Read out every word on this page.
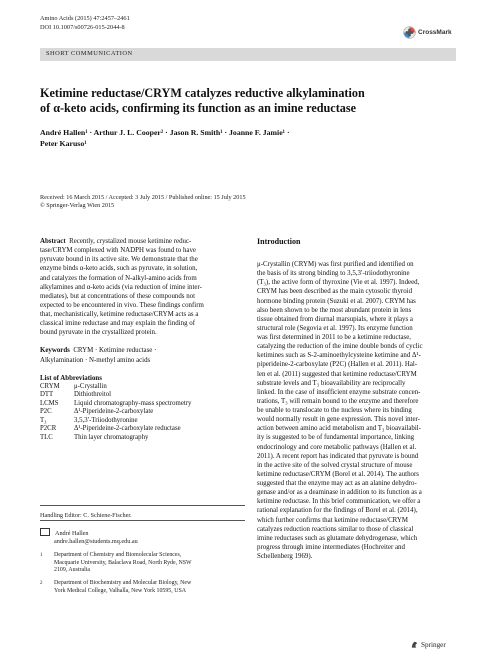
Amino Acids (2015) 47:2457–2461
DOI 10.1007/s00726-015-2044-8
CrossMark
SHORT COMMUNICATION
Ketimine reductase/CRYM catalyzes reductive alkylamination
of α-keto acids, confirming its function as an imine reductase
André Hallen¹ · Arthur J. L. Cooper² · Jason R. Smith¹ · Joanne F. Jamie¹ ·
Peter Karuso¹
Received: 16 March 2015 / Accepted: 3 July 2015 / Published online: 15 July 2015
© Springer-Verlag Wien 2015
Abstract Recently, crystalized mouse ketimine reduc-
tase/CRYM complexed with NADPH was found to have
pyruvate bound in its active site. We demonstrate that the
enzyme binds α-keto acids, such as pyruvate, in solution,
and catalyzes the formation of N-alkyl-amino acids from
alkylamines and α-keto acids (via reduction of imine inter-
mediates), but at concentrations of these compounds not
expected to be encountered in vivo. These findings confirm
that, mechanistically, ketimine reductase/CRYM acts as a
classical imine reductase and may explain the finding of
bound pyruvate in the crystallized protein.
Keywords CRYM · Ketimine reductase ·
Alkylamination · N-methyl amino acids
List of Abbreviations
CRYM	μ-Crystallin
DTT	Dithiothreitol
LCMS	Liquid chromatography-mass spectrometry
P2C	Δ¹-Piperideine-2-carboxylate
T₃	3,5,3′-Triiodothyronine
P2CR	Δ¹-Piperideine-2-carboxylate reductase
TLC	Thin layer chromatography
Handling Editor: C. Schiene-Fischer.
André Hallen
andre.hallen@students.mq.edu.au
1	Department of Chemistry and Biomolecular Sciences,
Macquarie University, Balaclava Road, North Ryde, NSW
2109, Australia
2	Department of Biochemistry and Molecular Biology, New
York Medical College, Valhalla, New York 10595, USA
Introduction
μ-Crystallin (CRYM) was first purified and identified on
the basis of its strong binding to 3,5,3′-triiodothyronine
(T₃), the active form of thyroxine (Vie et al. 1997). Indeed,
CRYM has been described as the main cytosolic thyroid
hormone binding protein (Suzuki et al. 2007). CRYM has
also been shown to be the most abundant protein in lens
tissue obtained from diurnal marsupials, where it plays a
structural role (Segovia et al. 1997). Its enzyme function
was first determined in 2011 to be a ketimine reductase,
catalyzing the reduction of the imine double bonds of cyclic
ketimines such as S-2-aminoethylcysteine ketimine and Δ¹-
piperideine-2-carboxylate (P2C) (Hallen et al. 2011). Hal-
len et al. (2011) suggested that ketimine reductase/CRYM
substrate levels and T₃ bioavailability are reciprocally
linked. In the case of insufficient enzyme substrate concen-
trations, T₃ will remain bound to the enzyme and therefore
be unable to translocate to the nucleus where its binding
would normally result in gene expression. This novel inter-
action between amino acid metabolism and T₃ bioavailabil-
ity is suggested to be of fundamental importance, linking
endocrinology and core metabolic pathways (Hallen et al.
2011). A recent report has indicated that pyruvate is bound
in the active site of the solved crystal structure of mouse
ketimine reductase/CRYM (Borel et al. 2014). The authors
suggested that the enzyme may act as an alanine dehydro-
genase and/or as a deaminase in addition to its function as a
ketimine reductase. In this brief communication, we offer a
rational explanation for the findings of Borel et al. (2014),
which further confirms that ketimine reductase/CRYM
catalyzes reduction reactions similar to those of classical
imine reductases such as glutamate dehydrogenase, which
progress through imine intermediates (Hochreiter and
Schellenberg 1969).
Springer
